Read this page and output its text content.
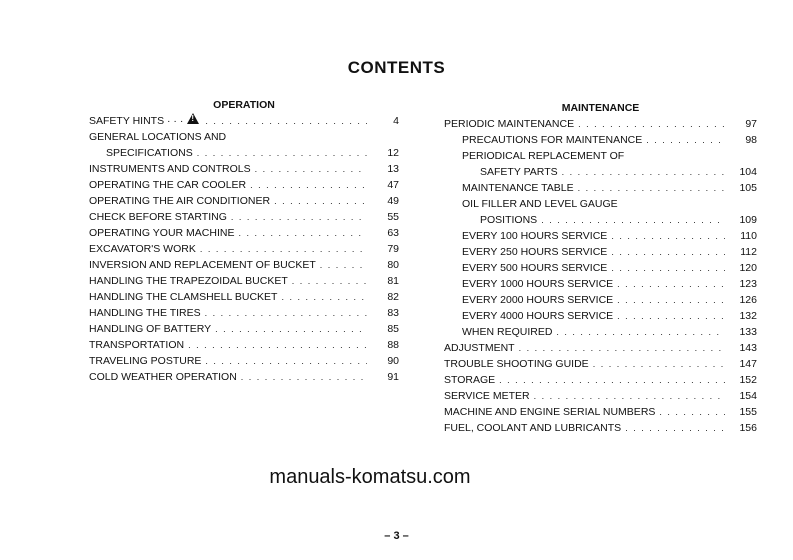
CONTENTS
OPERATION
SAFETY HINTS · · · ! . . .	4
GENERAL LOCATIONS AND
SPECIFICATIONS . . .	12
INSTRUMENTS AND CONTROLS . . .	13
OPERATING THE CAR COOLER . . .	47
OPERATING THE AIR CONDITIONER . . .	49
CHECK BEFORE STARTING . . .	55
OPERATING YOUR MACHINE . . .	63
EXCAVATOR'S WORK . . .	79
INVERSION AND REPLACEMENT OF BUCKET . . .	80
HANDLING THE TRAPEZOIDAL BUCKET . . .	81
HANDLING THE CLAMSHELL BUCKET . . .	82
HANDLING THE TIRES . . .	83
HANDLING OF BATTERY . . .	85
TRANSPORTATION . . .	88
TRAVELING POSTURE . . .	90
COLD WEATHER OPERATION . . .	91
MAINTENANCE
PERIODIC MAINTENANCE . . .	97
PRECAUTIONS FOR MAINTENANCE . . .	98
PERIODICAL REPLACEMENT OF
SAFETY PARTS . . .	104
MAINTENANCE TABLE . . .	105
OIL FILLER AND LEVEL GAUGE
POSITIONS . . .	109
EVERY 100 HOURS SERVICE . . .	110
EVERY 250 HOURS SERVICE . . .	112
EVERY 500 HOURS SERVICE . . .	120
EVERY 1000 HOURS SERVICE . . .	123
EVERY 2000 HOURS SERVICE . . .	126
EVERY 4000 HOURS SERVICE . . .	132
WHEN REQUIRED . . .	133
ADJUSTMENT . . .	143
TROUBLE SHOOTING GUIDE . . .	147
STORAGE . . .	152
SERVICE METER . . .	154
MACHINE AND ENGINE SERIAL NUMBERS . . .	155
FUEL, COOLANT AND LUBRICANTS . . .	156
manuals-komatsu.com
– 3 –
